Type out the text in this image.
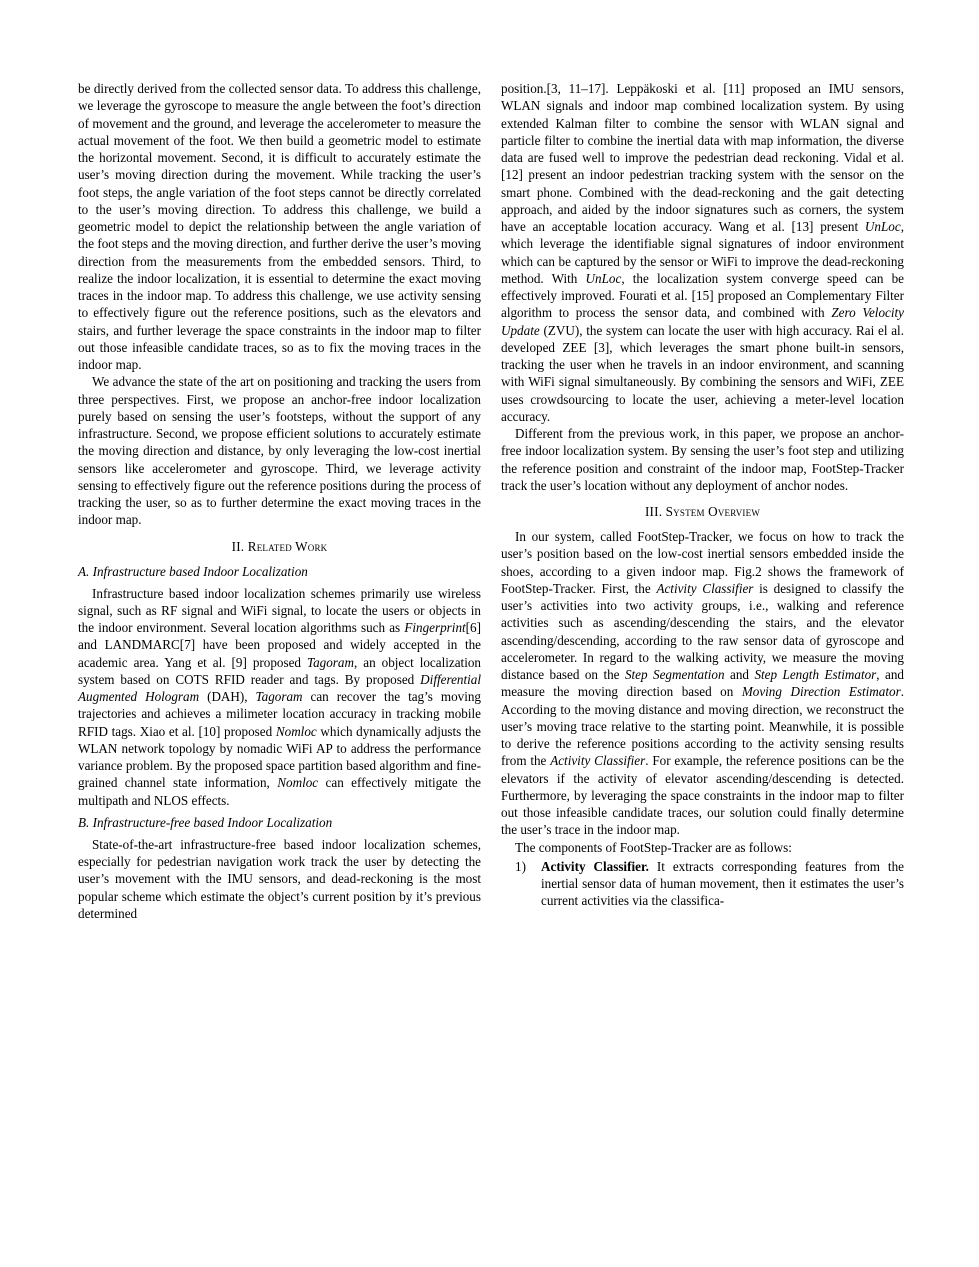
be directly derived from the collected sensor data. To address this challenge, we leverage the gyroscope to measure the angle between the foot’s direction of movement and the ground, and leverage the accelerometer to measure the actual movement of the foot. We then build a geometric model to estimate the horizontal movement. Second, it is difficult to accurately estimate the user’s moving direction during the movement. While tracking the user’s foot steps, the angle variation of the foot steps cannot be directly correlated to the user’s moving direction. To address this challenge, we build a geometric model to depict the relationship between the angle variation of the foot steps and the moving direction, and further derive the user’s moving direction from the measurements from the embedded sensors. Third, to realize the indoor localization, it is essential to determine the exact moving traces in the indoor map. To address this challenge, we use activity sensing to effectively figure out the reference positions, such as the elevators and stairs, and further leverage the space constraints in the indoor map to filter out those infeasible candidate traces, so as to fix the moving traces in the indoor map.

We advance the state of the art on positioning and tracking the users from three perspectives. First, we propose an anchor-free indoor localization purely based on sensing the user’s footsteps, without the support of any infrastructure. Second, we propose efficient solutions to accurately estimate the moving direction and distance, by only leveraging the low-cost inertial sensors like accelerometer and gyroscope. Third, we leverage activity sensing to effectively figure out the reference positions during the process of tracking the user, so as to further determine the exact moving traces in the indoor map.

II. Related Work
A. Infrastructure based Indoor Localization

Infrastructure based indoor localization schemes primarily use wireless signal, such as RF signal and WiFi signal, to locate the users or objects in the indoor environment. Several location algorithms such as Fingerprint[6] and LANDMARC[7] have been proposed and widely accepted in the academic area. Yang et al. [9] proposed Tagoram, an object localization system based on COTS RFID reader and tags. By proposed Differential Augmented Hologram (DAH), Tagoram can recover the tag’s moving trajectories and achieves a milimeter location accuracy in tracking mobile RFID tags. Xiao et al. [10] proposed Nomloc which dynamically adjusts the WLAN network topology by nomadic WiFi AP to address the performance variance problem. By the proposed space partition based algorithm and fine-grained channel state information, Nomloc can effectively mitigate the multipath and NLOS effects.

B. Infrastructure-free based Indoor Localization

State-of-the-art infrastructure-free based indoor localization schemes, especially for pedestrian navigation work track the user by detecting the user’s movement with the IMU sensors, and dead-reckoning is the most popular scheme which estimate the object’s current position by it’s previous determined

position.[3, 11–17]. Leppäkoski et al. [11] proposed an IMU sensors, WLAN signals and indoor map combined localization system. By using extended Kalman filter to combine the sensor with WLAN signal and particle filter to combine the inertial data with map information, the diverse data are fused well to improve the pedestrian dead reckoning. Vidal et al. [12] present an indoor pedestrian tracking system with the sensor on the smart phone. Combined with the dead-reckoning and the gait detecting approach, and aided by the indoor signatures such as corners, the system have an acceptable location accuracy. Wang et al. [13] present UnLoc, which leverage the identifiable signal signatures of indoor environment which can be captured by the sensor or WiFi to improve the dead-reckoning method. With UnLoc, the localization system converge speed can be effectively improved. Fourati et al. [15] proposed an Complementary Filter algorithm to process the sensor data, and combined with Zero Velocity Update (ZVU), the system can locate the user with high accuracy. Rai el al. developed ZEE [3], which leverages the smart phone built-in sensors, tracking the user when he travels in an indoor environment, and scanning with WiFi signal simultaneously. By combining the sensors and WiFi, ZEE uses crowdsourcing to locate the user, achieving a meter-level location accuracy.

Different from the previous work, in this paper, we propose an anchor-free indoor localization system. By sensing the user’s foot step and utilizing the reference position and constraint of the indoor map, FootStep-Tracker track the user’s location without any deployment of anchor nodes.

III. System Overview

In our system, called FootStep-Tracker, we focus on how to track the user’s position based on the low-cost inertial sensors embedded inside the shoes, according to a given indoor map. Fig.2 shows the framework of FootStep-Tracker. First, the Activity Classifier is designed to classify the user’s activities into two activity groups, i.e., walking and reference activities such as ascending/descending the stairs, and the elevator ascending/descending, according to the raw sensor data of gyroscope and accelerometer. In regard to the walking activity, we measure the moving distance based on the Step Segmentation and Step Length Estimator, and measure the moving direction based on Moving Direction Estimator. According to the moving distance and moving direction, we reconstruct the user’s moving trace relative to the starting point. Meanwhile, it is possible to derive the reference positions according to the activity sensing results from the Activity Classifier. For example, the reference positions can be the elevators if the activity of elevator ascending/descending is detected. Furthermore, by leveraging the space constraints in the indoor map to filter out those infeasible candidate traces, our solution could finally determine the user’s trace in the indoor map.

The components of FootStep-Tracker are as follows:

1)	Activity Classifier. It extracts corresponding features from the inertial sensor data of human movement, then it estimates the user’s current activities via the classifica-
